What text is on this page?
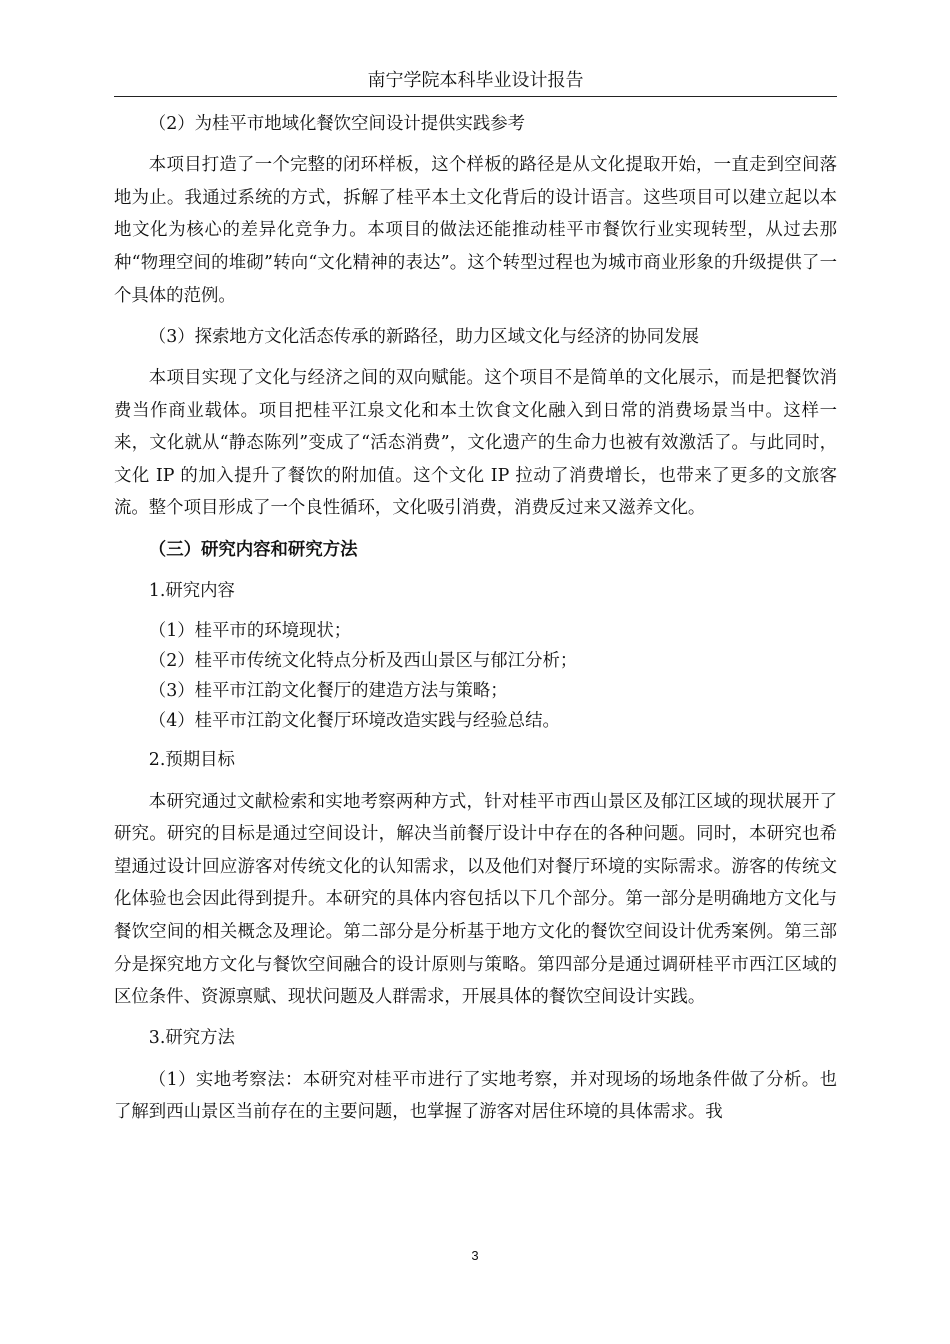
南宁学院本科毕业设计报告

（2）为桂平市地域化餐饮空间设计提供实践参考

本项目打造了一个完整的闭环样板，这个样板的路径是从文化提取开始，一直走到空间落地为止。我通过系统的方式，拆解了桂平本土文化背后的设计语言。这些项目可以建立起以本地文化为核心的差异化竞争力。本项目的做法还能推动桂平市餐饮行业实现转型，从过去那种“物理空间的堆砌”转向“文化精神的表达”。这个转型过程也为城市商业形象的升级提供了一个具体的范例。

（3）探索地方文化活态传承的新路径，助力区域文化与经济的协同发展

本项目实现了文化与经济之间的双向赋能。这个项目不是简单的文化展示，而是把餐饮消费当作商业载体。项目把桂平江泉文化和本土饮食文化融入到日常的消费场景当中。这样一来，文化就从“静态陈列”变成了“活态消费”，文化遗产的生命力也被有效激活了。与此同时，文化 IP 的加入提升了餐饮的附加值。这个文化 IP 拉动了消费增长，也带来了更多的文旅客流。整个项目形成了一个良性循环，文化吸引消费，消费反过来又滋养文化。

（三）研究内容和研究方法

1.研究内容

（1）桂平市的环境现状；

（2）桂平市传统文化特点分析及西山景区与郁江分析；

（3）桂平市江韵文化餐厅的建造方法与策略；

（4）桂平市江韵文化餐厅环境改造实践与经验总结。

2.预期目标

本研究通过文献检索和实地考察两种方式，针对桂平市西山景区及郁江区域的现状展开了研究。研究的目标是通过空间设计，解决当前餐厅设计中存在的各种问题。同时，本研究也希望通过设计回应游客对传统文化的认知需求，以及他们对餐厅环境的实际需求。游客的传统文化体验也会因此得到提升。本研究的具体内容包括以下几个部分。第一部分是明确地方文化与餐饮空间的相关概念及理论。第二部分是分析基于地方文化的餐饮空间设计优秀案例。第三部分是探究地方文化与餐饮空间融合的设计原则与策略。第四部分是通过调研桂平市西江区域的区位条件、资源禀赋、现状问题及人群需求，开展具体的餐饮空间设计实践。

3.研究方法

（1）实地考察法：本研究对桂平市进行了实地考察，并对现场的场地条件做了分析。也了解到西山景区当前存在的主要问题，也掌握了游客对居住环境的具体需求。我

3
